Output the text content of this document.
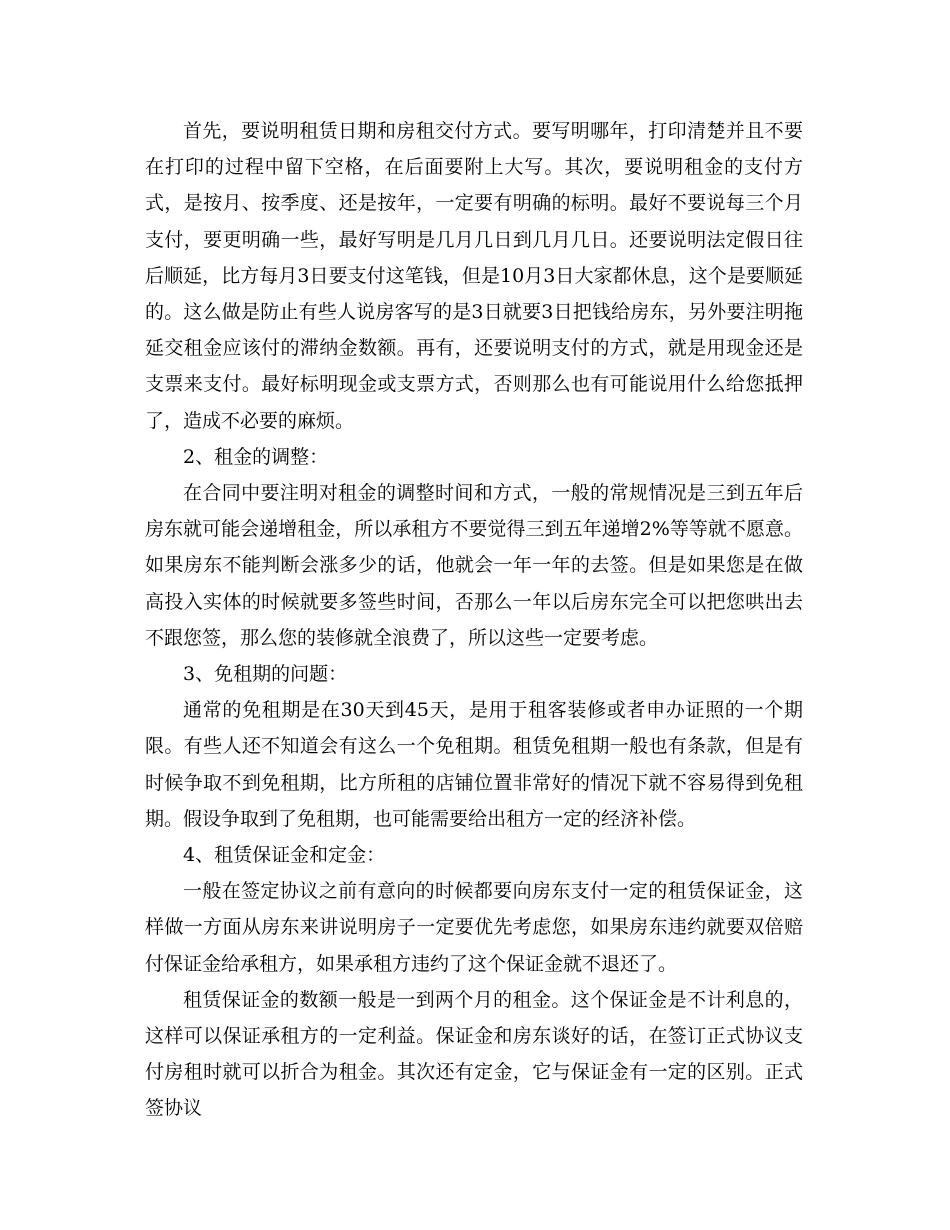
首先，要说明租赁日期和房租交付方式。要写明哪年，打印清楚并且不要在打印的过程中留下空格，在后面要附上大写。其次，要说明租金的支付方式，是按月、按季度、还是按年，一定要有明确的标明。最好不要说每三个月支付，要更明确一些，最好写明是几月几日到几月几日。还要说明法定假日往后顺延，比方每月3日要支付这笔钱，但是10月3日大家都休息，这个是要顺延的。这么做是防止有些人说房客写的是3日就要3日把钱给房东，另外要注明拖延交租金应该付的滞纳金数额。再有，还要说明支付的方式，就是用现金还是支票来支付。最好标明现金或支票方式，否则那么也有可能说用什么给您抵押了，造成不必要的麻烦。

2、租金的调整：

在合同中要注明对租金的调整时间和方式，一般的常规情况是三到五年后房东就可能会递增租金，所以承租方不要觉得三到五年递增2%等等就不愿意。如果房东不能判断会涨多少的话，他就会一年一年的去签。但是如果您是在做高投入实体的时候就要多签些时间，否那么一年以后房东完全可以把您哄出去不跟您签，那么您的装修就全浪费了，所以这些一定要考虑。

3、免租期的问题：

通常的免租期是在30天到45天，是用于租客装修或者申办证照的一个期限。有些人还不知道会有这么一个免租期。租赁免租期一般也有条款，但是有时候争取不到免租期，比方所租的店铺位置非常好的情况下就不容易得到免租期。假设争取到了免租期，也可能需要给出租方一定的经济补偿。

4、租赁保证金和定金：

一般在签定协议之前有意向的时候都要向房东支付一定的租赁保证金，这样做一方面从房东来讲说明房子一定要优先考虑您，如果房东违约就要双倍赔付保证金给承租方，如果承租方违约了这个保证金就不退还了。

租赁保证金的数额一般是一到两个月的租金。这个保证金是不计利息的，这样可以保证承租方的一定利益。保证金和房东谈好的话，在签订正式协议支付房租时就可以折合为租金。其次还有定金，它与保证金有一定的区别。正式签协议
